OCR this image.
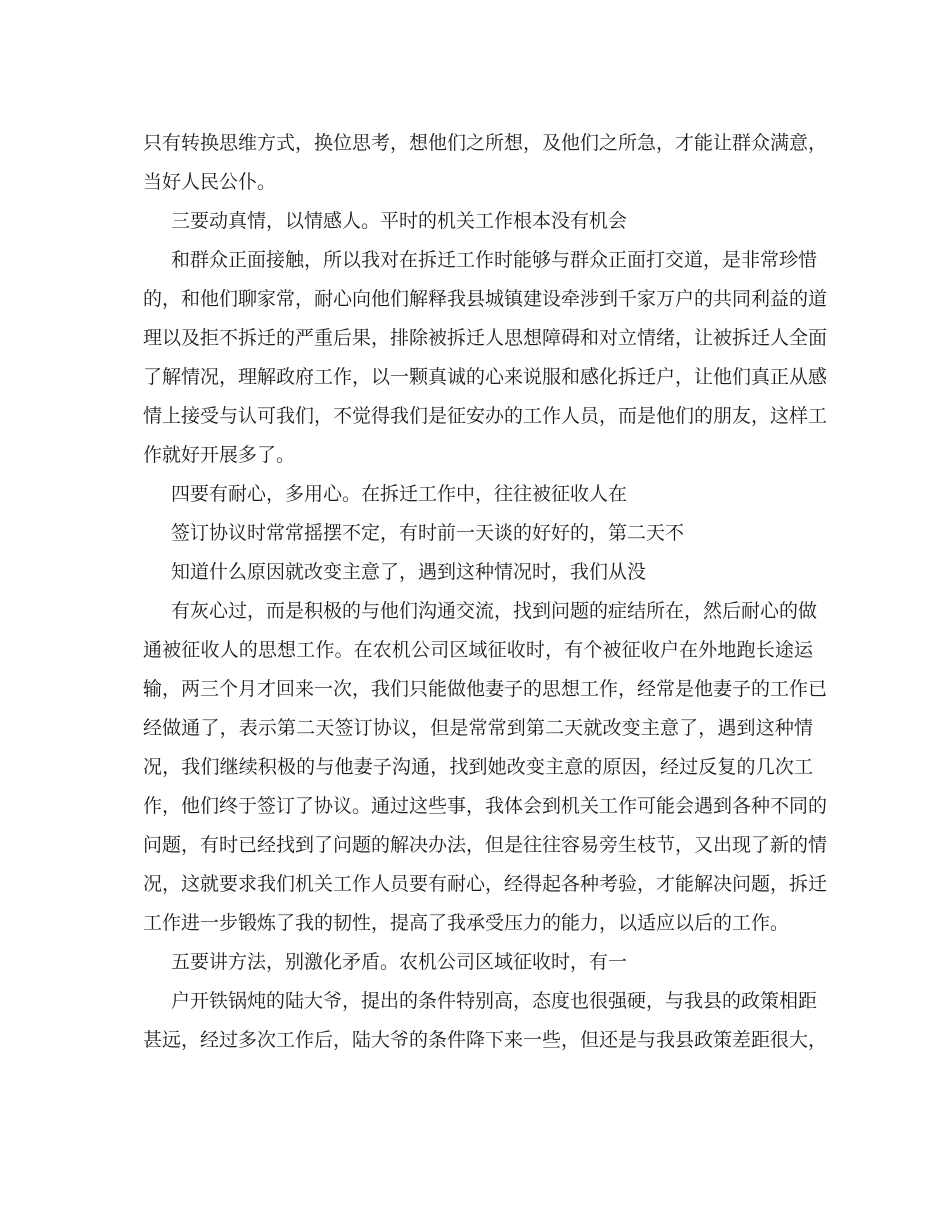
只有转换思维方式，换位思考，想他们之所想，及他们之所急，才能让群众满意，
当好人民公仆。
三要动真情，以情感人。平时的机关工作根本没有机会
和群众正面接触，所以我对在拆迁工作时能够与群众正面打交道，是非常珍惜
的，和他们聊家常，耐心向他们解释我县城镇建设牵涉到千家万户的共同利益的道
理以及拒不拆迁的严重后果，排除被拆迁人思想障碍和对立情绪，让被拆迁人全面
了解情况，理解政府工作，以一颗真诚的心来说服和感化拆迁户，让他们真正从感
情上接受与认可我们，不觉得我们是征安办的工作人员，而是他们的朋友，这样工
作就好开展多了。
四要有耐心，多用心。在拆迁工作中，往往被征收人在
签订协议时常常摇摆不定，有时前一天谈的好好的，第二天不
知道什么原因就改变主意了，遇到这种情况时，我们从没
有灰心过，而是积极的与他们沟通交流，找到问题的症结所在，然后耐心的做
通被征收人的思想工作。在农机公司区域征收时，有个被征收户在外地跑长途运
输，两三个月才回来一次，我们只能做他妻子的思想工作，经常是他妻子的工作已
经做通了，表示第二天签订协议，但是常常到第二天就改变主意了，遇到这种情
况，我们继续积极的与他妻子沟通，找到她改变主意的原因，经过反复的几次工
作，他们终于签订了协议。通过这些事，我体会到机关工作可能会遇到各种不同的
问题，有时已经找到了问题的解决办法，但是往往容易旁生枝节，又出现了新的情
况，这就要求我们机关工作人员要有耐心，经得起各种考验，才能解决问题，拆迁
工作进一步锻炼了我的韧性，提高了我承受压力的能力，以适应以后的工作。
五要讲方法，别激化矛盾。农机公司区域征收时，有一
户开铁锅炖的陆大爷，提出的条件特别高，态度也很强硬，与我县的政策相距
甚远，经过多次工作后，陆大爷的条件降下来一些，但还是与我县政策差距很大，
